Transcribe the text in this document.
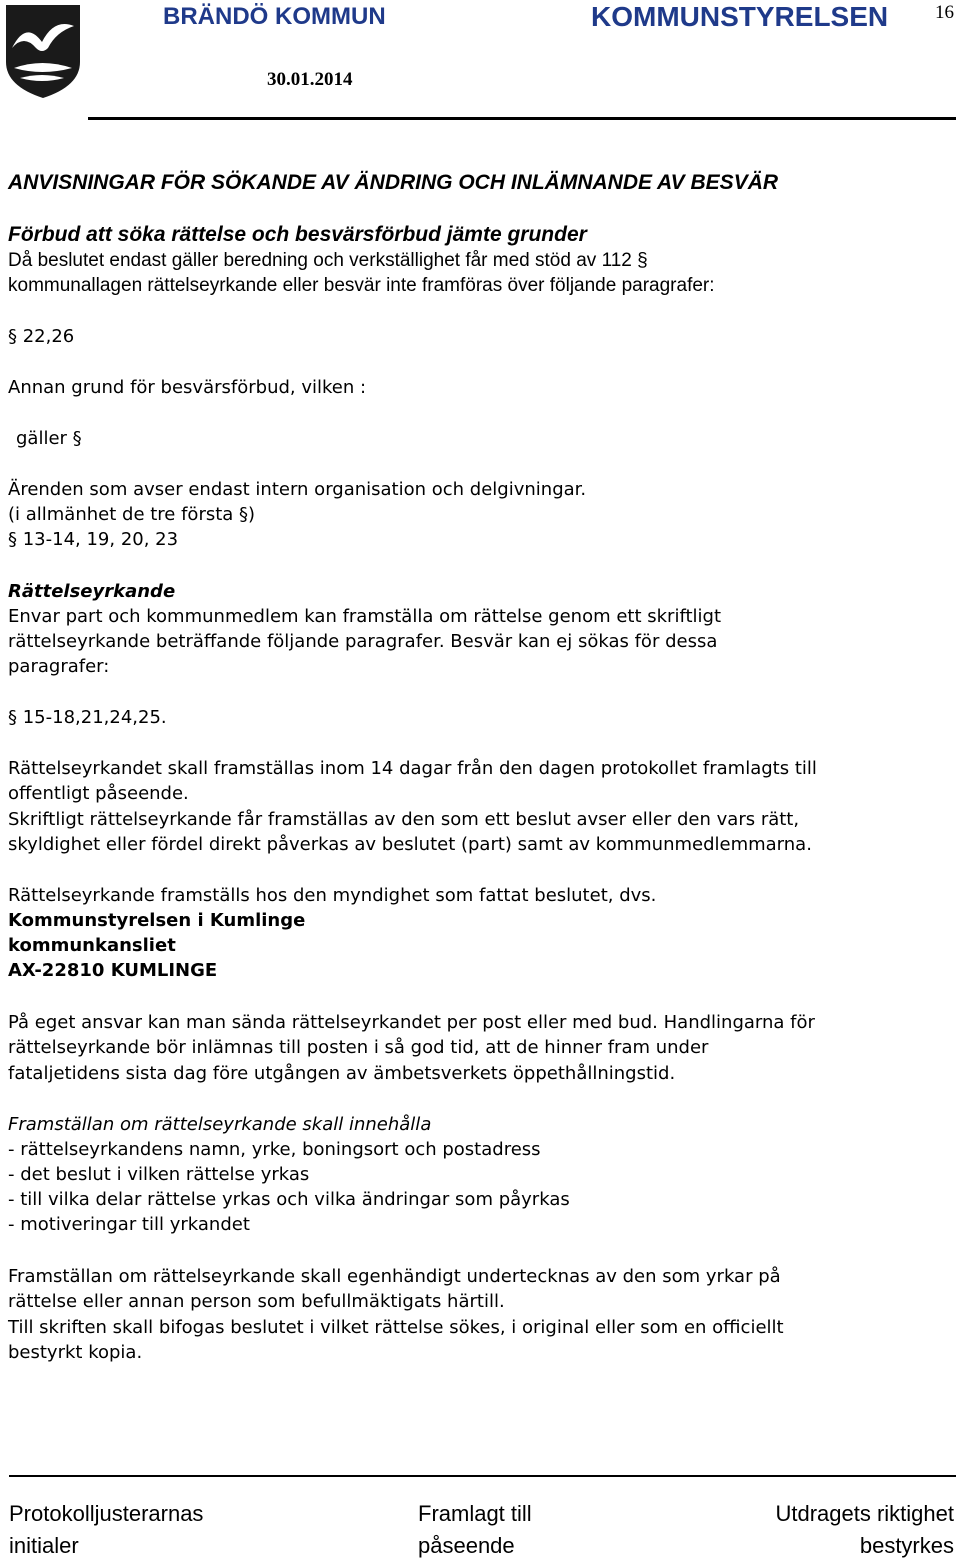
BRÄNDÖ KOMMUN	KOMMUNSTYRELSEN 16
30.01.2014
ANVISNINGAR FÖR SÖKANDE AV ÄNDRING OCH INLÄMNANDE AV BESVÄR
Förbud att söka rättelse och besvärsförbud jämte grunder
Då beslutet endast gäller beredning och verkställighet får med stöd av 112 §
kommunallagen rättelseyrkande eller besvär inte framföras över följande paragrafer:
§ 22,26
Annan grund för besvärsförbud, vilken :
gäller §
Ärenden som avser endast intern organisation och delgivningar.
(i allmänhet de tre första §)
§ 13-14, 19, 20, 23
Rättelseyrkande
Envar part och kommunmedlem kan framställa om rättelse genom ett skriftligt
rättelseyrkande beträffande följande paragrafer. Besvär kan ej sökas för dessa
paragrafer:
§ 15-18,21,24,25.
Rättelseyrkandet skall framställas inom 14 dagar från den dagen protokollet framlagts till
offentligt påseende.
Skriftligt rättelseyrkande får framställas av den som ett beslut avser eller den vars rätt,
skyldighet eller fördel direkt påverkas av beslutet (part) samt av kommunmedlemmarna.
Rättelseyrkande framställs hos den myndighet som fattat beslutet, dvs.
Kommunstyrelsen i Kumlinge
kommunkansliet
AX-22810 KUMLINGE
På eget ansvar kan man sända rättelseyrkandet per post eller med bud. Handlingarna för
rättelseyrkande bör inlämnas till posten i så god tid, att de hinner fram under
fataljetidens sista dag före utgången av ämbetsverkets öppethållningstid.
Framställan om rättelseyrkande skall innehålla
- rättelseyrkandens namn, yrke, boningsort och postadress
- det beslut i vilken rättelse yrkas
- till vilka delar rättelse yrkas och vilka ändringar som påyrkas
- motiveringar till yrkandet
Framställan om rättelseyrkande skall egenhändigt undertecknas av den som yrkar på
rättelse eller annan person som befullmäktigats härtill.
Till skriften skall bifogas beslutet i vilket rättelse sökes, i original eller som en officiellt
bestyrkt kopia.
Protokolljusterarnas
initialer
Framlagt till
påseende
Utdragets riktighet
bestyrkes
